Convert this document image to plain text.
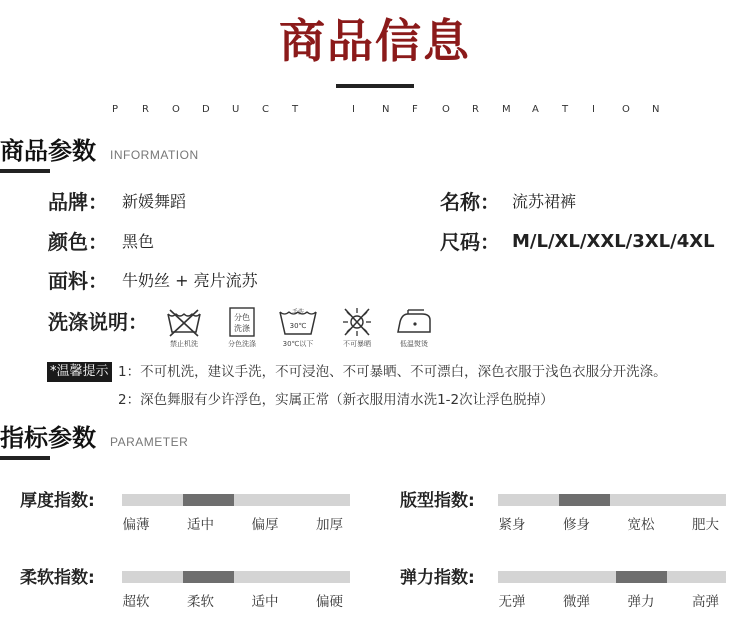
商品信息
P R O D U C T	I	N F O R M A T I	O N
商品参数 INFORMATION
品牌： 新媛舞蹈	名称： 流苏裙裤
颜色： 黑色	尺码： M/L/XL/XXL/3XL/4XL
面料： 牛奶丝 + 亮片流苏
洗涤说明：
禁止机洗
分色
洗涤
分色洗涤
手洗
30℃
30℃以下	不可暴晒	低温熨烫
*温馨提示 1：不可机洗，建议手洗，不可浸泡、不可暴晒、不可漂白，深色衣服于浅色衣服分开洗涤。
2：深色舞服有少许浮色，实属正常（新衣服用清水洗1-2次让浮色脱掉）
指标参数 PARAMETER
厚度指数:
偏薄	适中	偏厚	加厚
版型指数:
紧身	修身	宽松	肥大
柔软指数:
超软	柔软	适中	偏硬
弹力指数:
无弹	微弹	弹力	高弹
